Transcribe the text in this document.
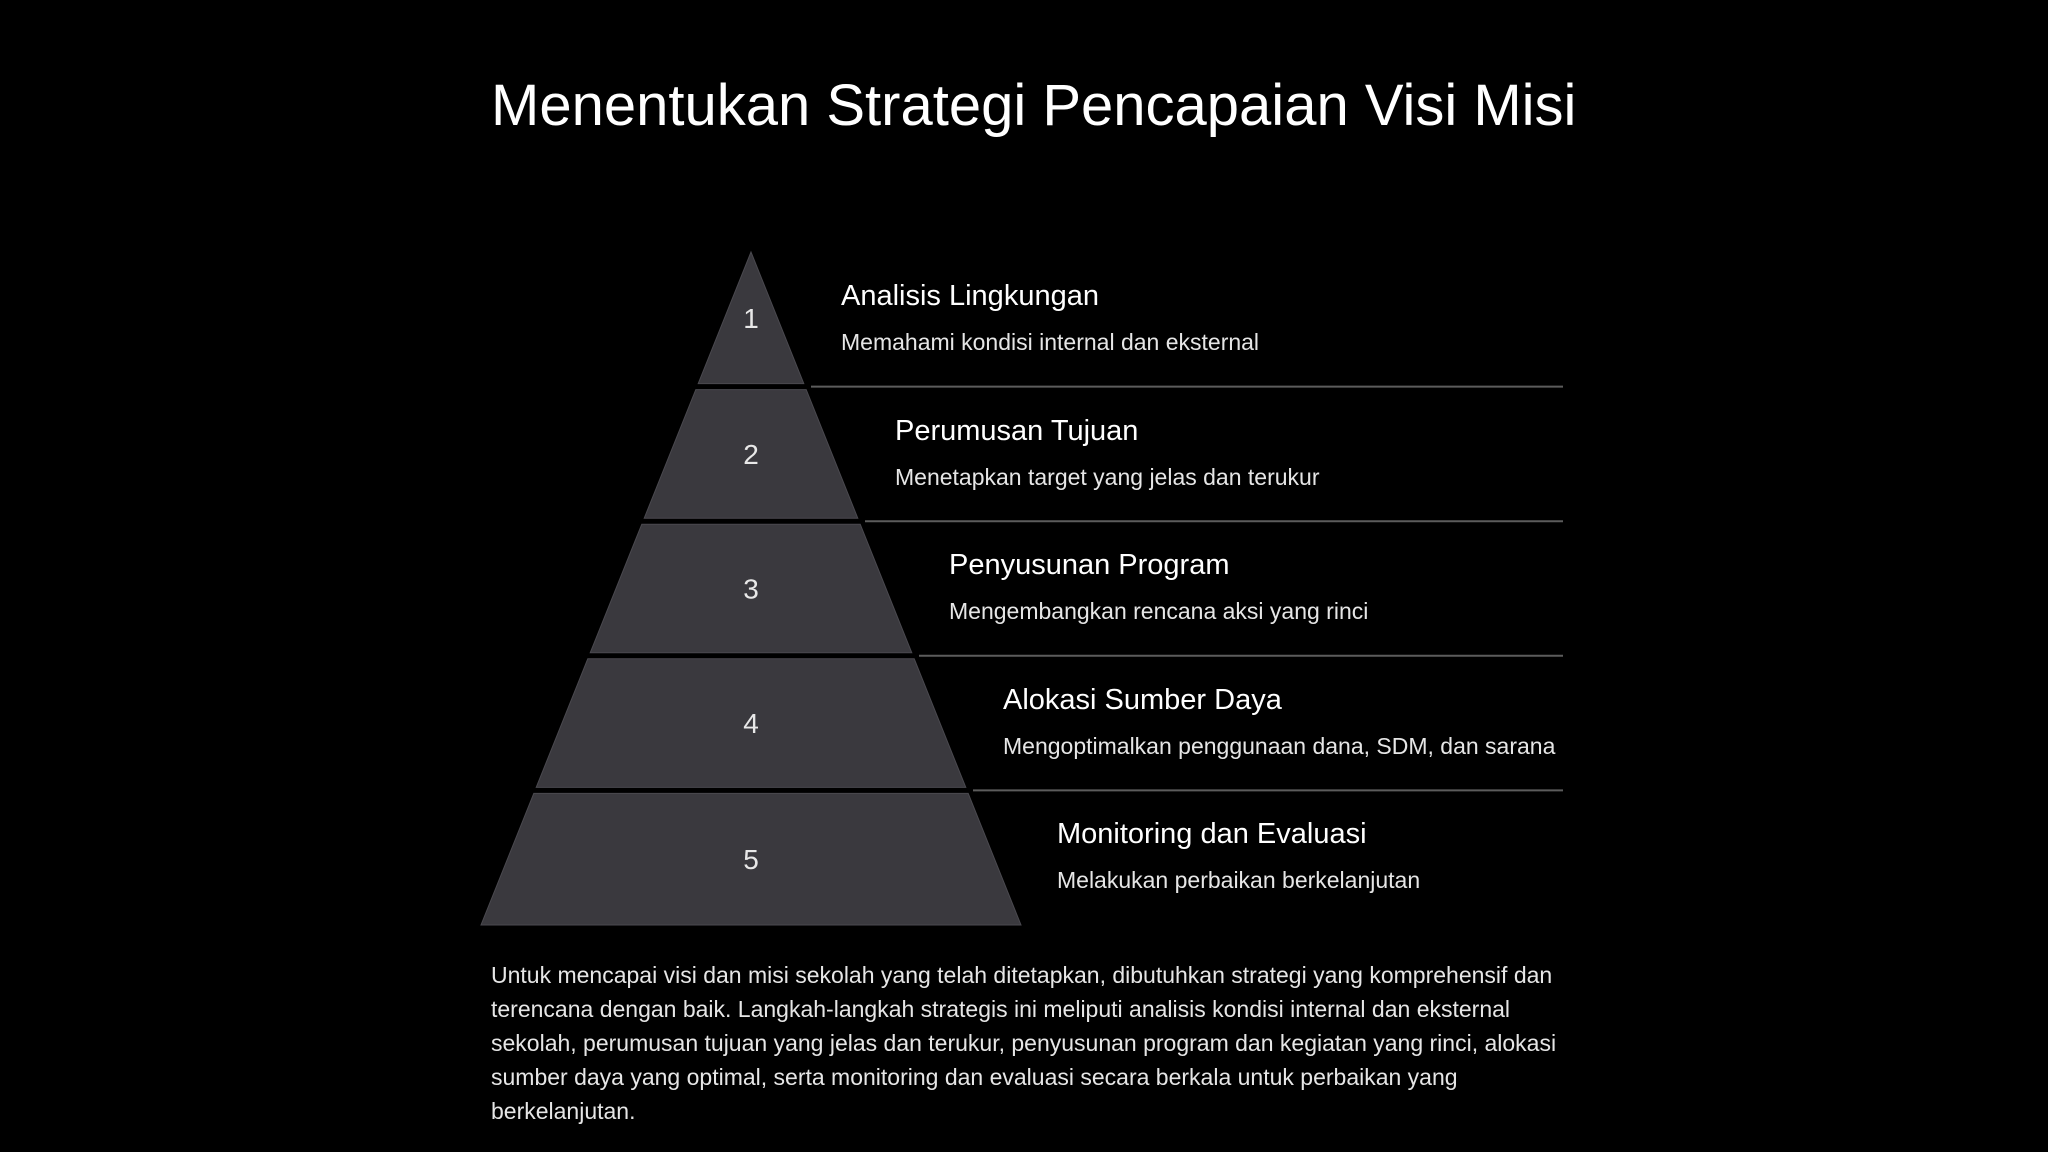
Menentukan Strategi Pencapaian Visi Misi
1
2
3
4
5
Analisis Lingkungan
Memahami kondisi internal dan eksternal
Perumusan Tujuan
Menetapkan target yang jelas dan terukur
Penyusunan Program
Mengembangkan rencana aksi yang rinci
Alokasi Sumber Daya
Mengoptimalkan penggunaan dana, SDM, dan sarana
Monitoring dan Evaluasi
Melakukan perbaikan berkelanjutan

Untuk mencapai visi dan misi sekolah yang telah ditetapkan, dibutuhkan strategi yang komprehensif dan terencana dengan baik. Langkah-langkah strategis ini meliputi analisis kondisi internal dan eksternal sekolah, perumusan tujuan yang jelas dan terukur, penyusunan program dan kegiatan yang rinci, alokasi sumber daya yang optimal, serta monitoring dan evaluasi secara berkala untuk perbaikan yang berkelanjutan.
